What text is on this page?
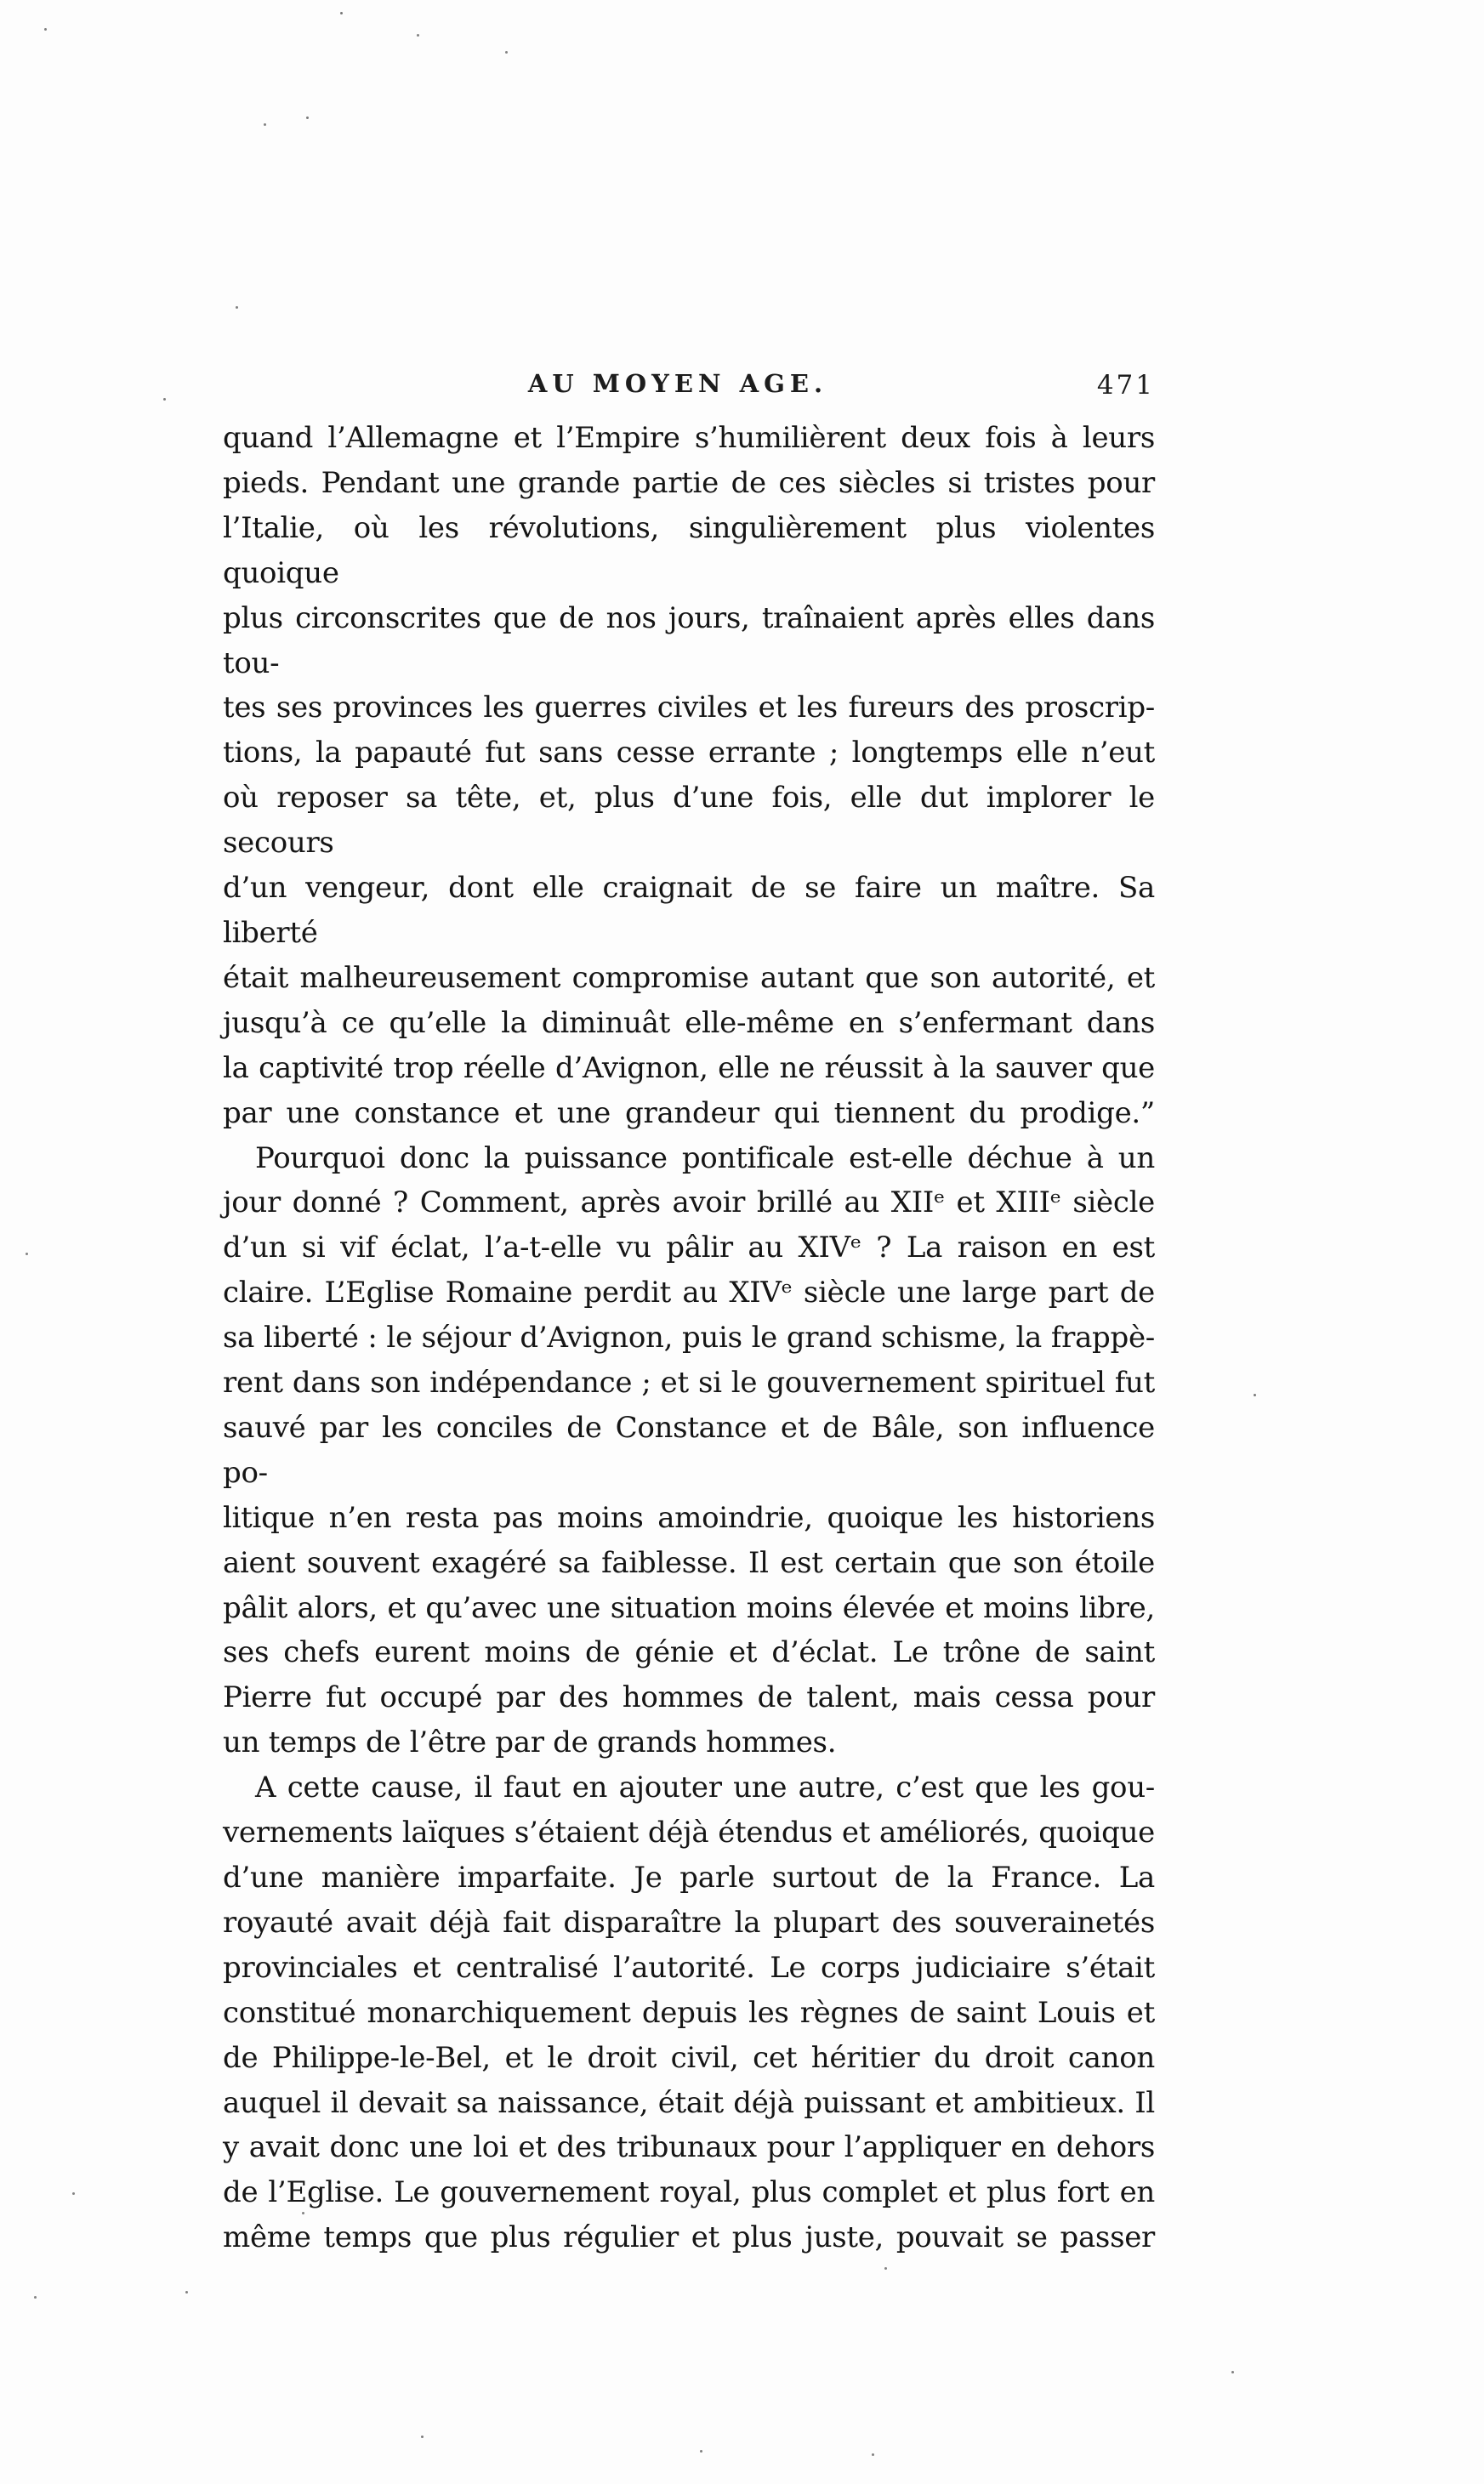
AU MOYEN AGE.	471
quand l’Allemagne et l’Empire s’humilièrent deux fois à leurs
pieds. Pendant une grande partie de ces siècles si tristes pour
l’Italie, où les révolutions, singulièrement plus violentes quoique
plus circonscrites que de nos jours, traînaient après elles dans tou-
tes ses provinces les guerres civiles et les fureurs des proscrip-
tions, la papauté fut sans cesse errante ; longtemps elle n’eut
où reposer sa tête, et, plus d’une fois, elle dut implorer le secours
d’un vengeur, dont elle craignait de se faire un maître. Sa liberté
était malheureusement compromise autant que son autorité, et
jusqu’à ce qu’elle la diminuât elle-même en s’enfermant dans
la captivité trop réelle d’Avignon, elle ne réussit à la sauver que
par une constance et une grandeur qui tiennent du prodige.”
Pourquoi donc la puissance pontificale est-elle déchue à un
jour donné ? Comment, après avoir brillé au XIIᵉ et XIIIᵉ siècle
d’un si vif éclat, l’a-t-elle vu pâlir au XIVᵉ ? La raison en est
claire. L’Eglise Romaine perdit au XIVᵉ siècle une large part de
sa liberté : le séjour d’Avignon, puis le grand schisme, la frappè-
rent dans son indépendance ; et si le gouvernement spirituel fut
sauvé par les conciles de Constance et de Bâle, son influence po-
litique n’en resta pas moins amoindrie, quoique les historiens
aient souvent exagéré sa faiblesse. Il est certain que son étoile
pâlit alors, et qu’avec une situation moins élevée et moins libre,
ses chefs eurent moins de génie et d’éclat. Le trône de saint
Pierre fut occupé par des hommes de talent, mais cessa pour
un temps de l’être par de grands hommes.
A cette cause, il faut en ajouter une autre, c’est que les gou-
vernements laïques s’étaient déjà étendus et améliorés, quoique
d’une manière imparfaite. Je parle surtout de la France. La
royauté avait déjà fait disparaître la plupart des souverainetés
provinciales et centralisé l’autorité. Le corps judiciaire s’était
constitué monarchiquement depuis les règnes de saint Louis et
de Philippe-le-Bel, et le droit civil, cet héritier du droit canon
auquel il devait sa naissance, était déjà puissant et ambitieux. Il
y avait donc une loi et des tribunaux pour l’appliquer en dehors
de l’Eglise. Le gouvernement royal, plus complet et plus fort en
même temps que plus régulier et plus juste, pouvait se passer
